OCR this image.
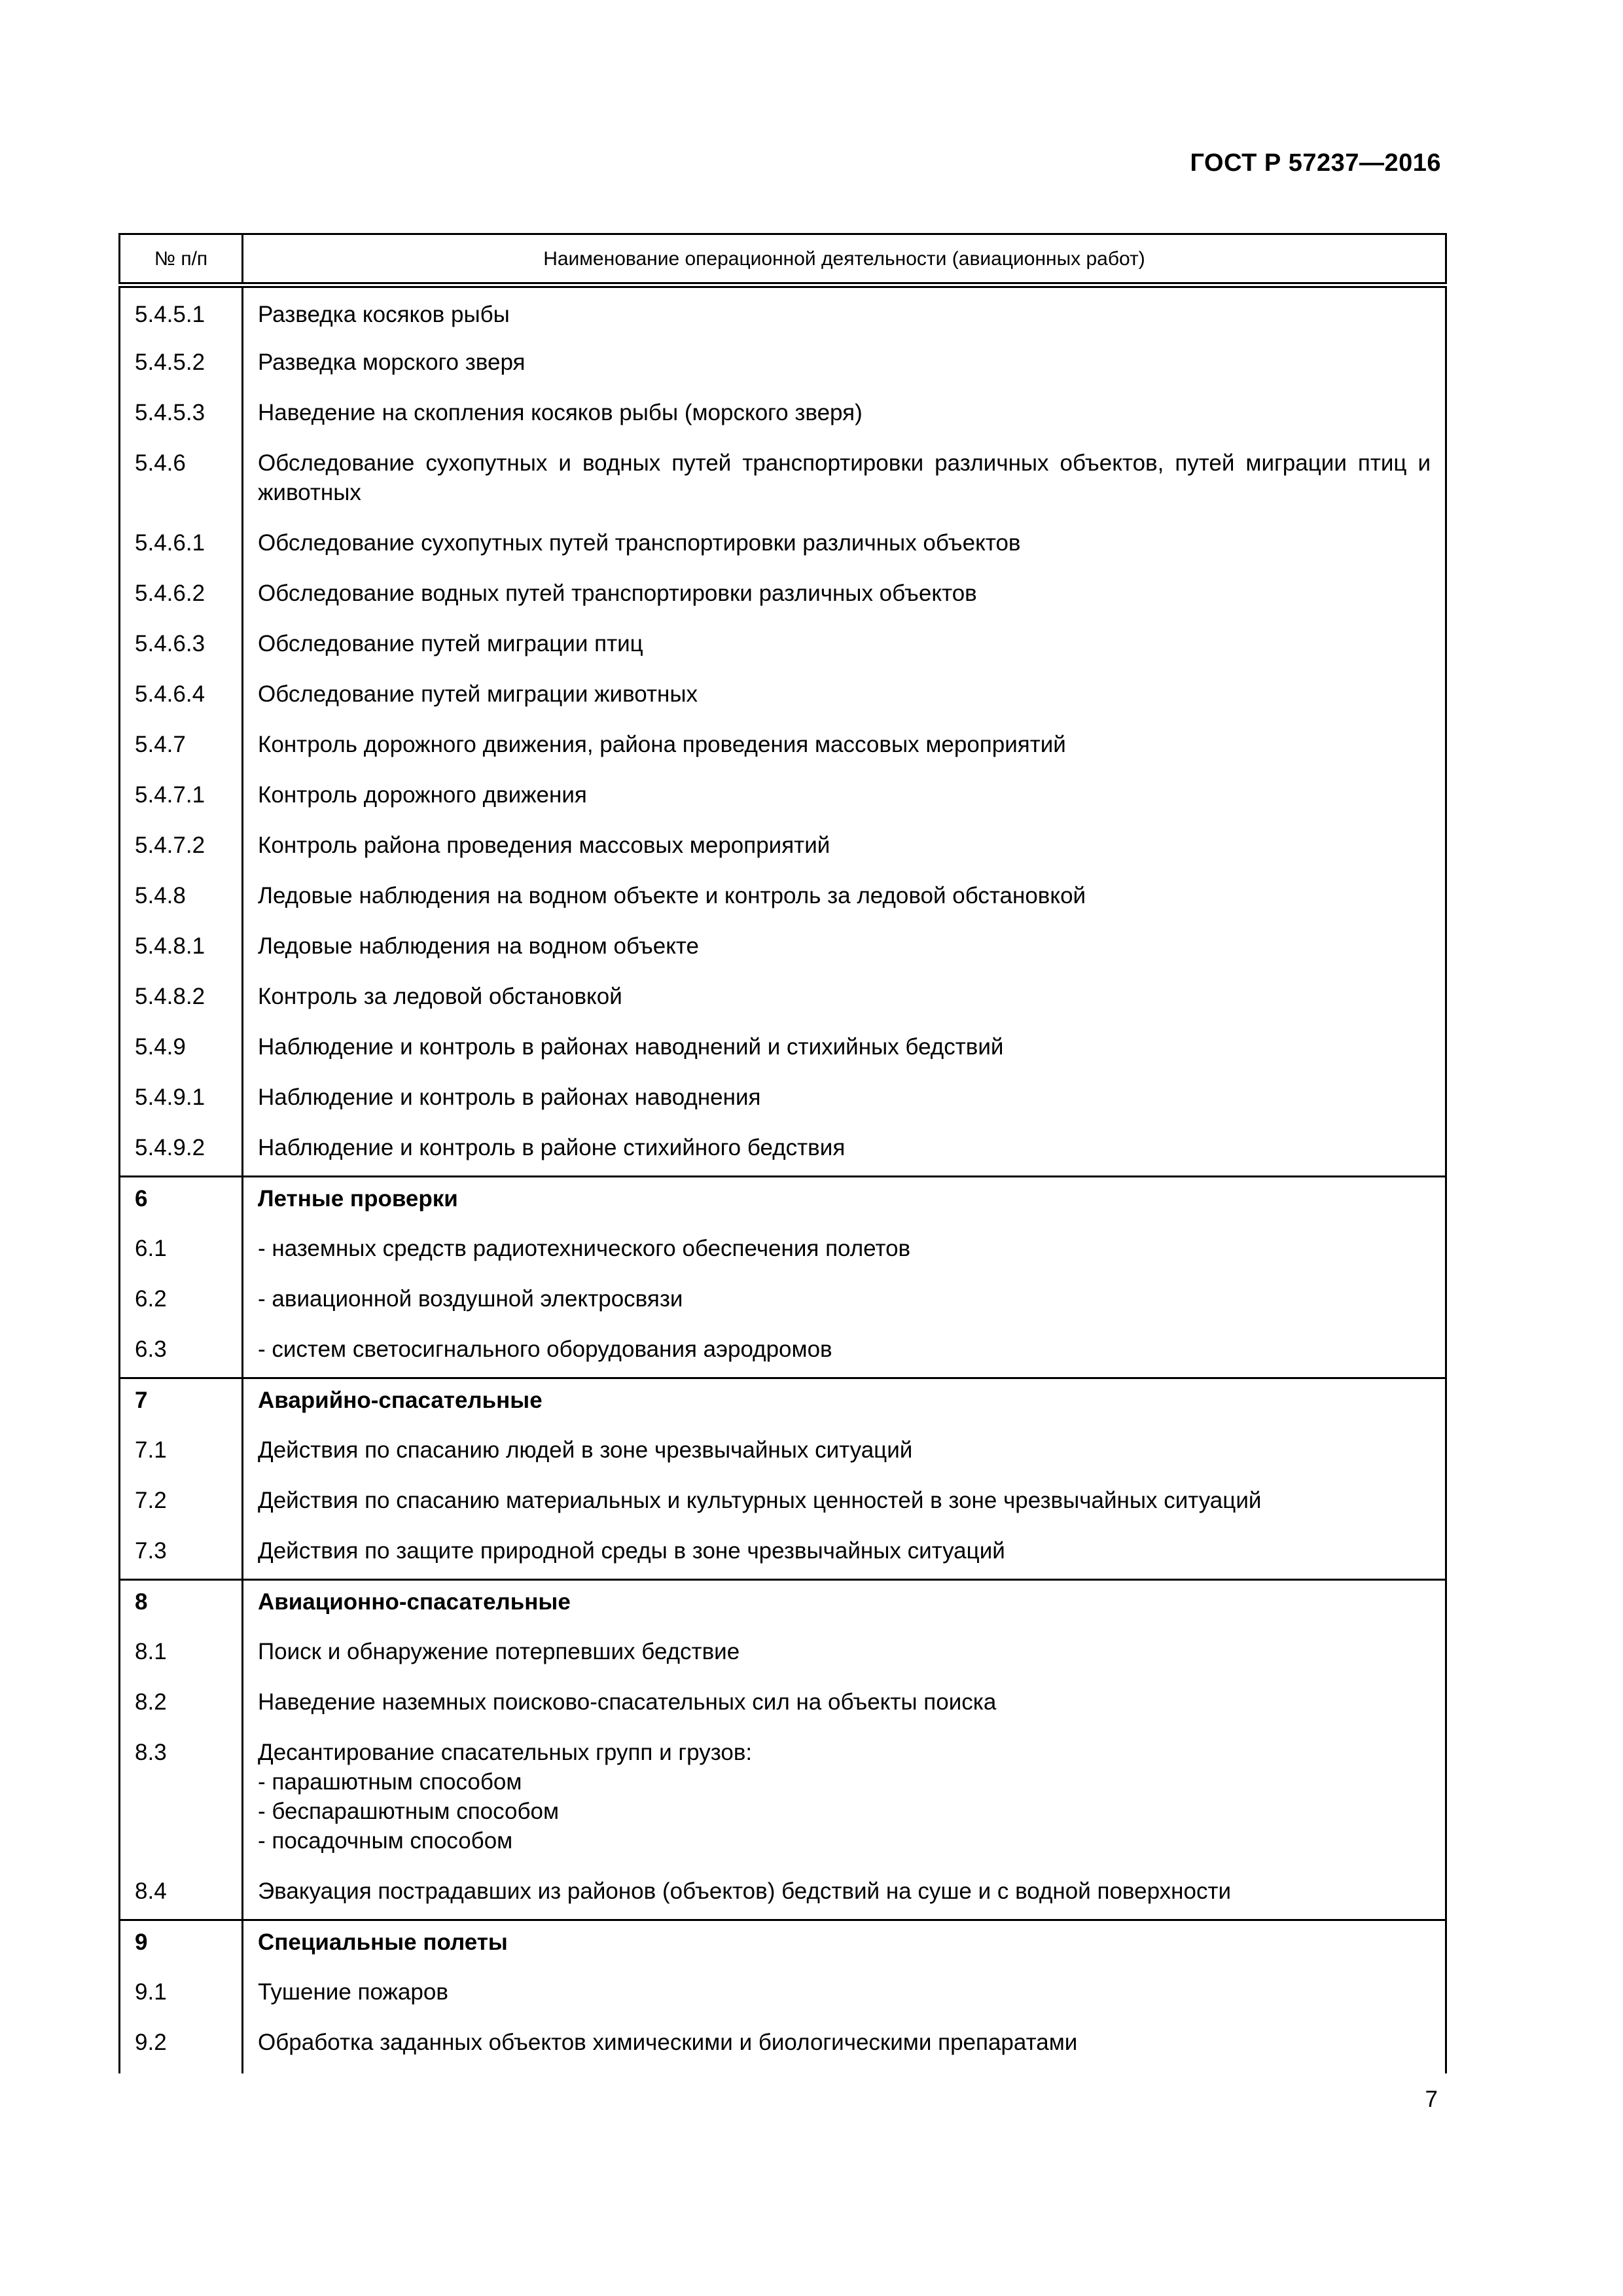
ГОСТ Р 57237—2016
№ п/п	Наименование операционной деятельности (авиационных работ)
5.4.5.1	Разведка косяков рыбы
5.4.5.2	Разведка морского зверя
5.4.5.3	Наведение на скопления косяков рыбы (морского зверя)
5.4.6	Обследование сухопутных и водных путей транспортировки различных объектов, путей миграции птиц и животных
5.4.6.1	Обследование сухопутных путей транспортировки различных объектов
5.4.6.2	Обследование водных путей транспортировки различных объектов
5.4.6.3	Обследование путей миграции птиц
5.4.6.4	Обследование путей миграции животных
5.4.7	Контроль дорожного движения, района проведения массовых мероприятий
5.4.7.1	Контроль дорожного движения
5.4.7.2	Контроль района проведения массовых мероприятий
5.4.8	Ледовые наблюдения на водном объекте и контроль за ледовой обстановкой
5.4.8.1	Ледовые наблюдения на водном объекте
5.4.8.2	Контроль за ледовой обстановкой
5.4.9	Наблюдение и контроль в районах наводнений и стихийных бедствий
5.4.9.1	Наблюдение и контроль в районах наводнения
5.4.9.2	Наблюдение и контроль в районе стихийного бедствия
6	Летные проверки
6.1	- наземных средств радиотехнического обеспечения полетов
6.2	- авиационной воздушной электросвязи
6.3	- систем светосигнального оборудования аэродромов
7	Аварийно-спасательные
7.1	Действия по спасанию людей в зоне чрезвычайных ситуаций
7.2	Действия по спасанию материальных и культурных ценностей в зоне чрезвычайных ситуаций
7.3	Действия по защите природной среды в зоне чрезвычайных ситуаций
8	Авиационно-спасательные
8.1	Поиск и обнаружение потерпевших бедствие
8.2	Наведение наземных поисково-спасательных сил на объекты поиска
8.3	Десантирование спасательных групп и грузов:
- парашютным способом
- беспарашютным способом
- посадочным способом

8.4	Эвакуация пострадавших из районов (объектов) бедствий на суше и с водной поверхности
9	Специальные полеты
9.1	Тушение пожаров
9.2	Обработка заданных объектов химическими и биологическими препаратами
7
